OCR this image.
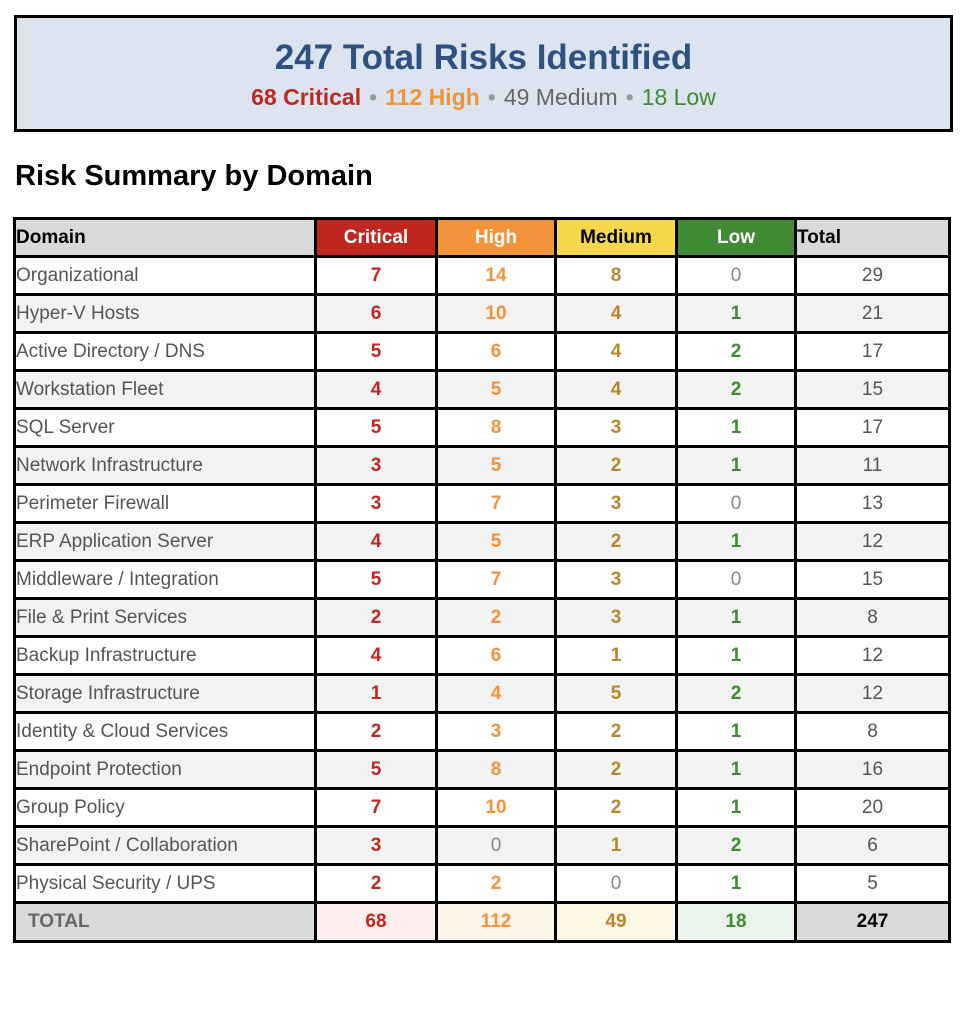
247 Total Risks Identified
68 Critical • 112 High • 49 Medium • 18 Low
Risk Summary by Domain
Domain	Critical	High	Medium	Low	Total
Organizational	7	14	8	0	29
Hyper-V Hosts	6	10	4	1	21
Active Directory / DNS	5	6	4	2	17
Workstation Fleet	4	5	4	2	15
SQL Server	5	8	3	1	17
Network Infrastructure	3	5	2	1	11
Perimeter Firewall	3	7	3	0	13
ERP Application Server	4	5	2	1	12
Middleware / Integration	5	7	3	0	15
File & Print Services	2	2	3	1	8
Backup Infrastructure	4	6	1	1	12
Storage Infrastructure	1	4	5	2	12
Identity & Cloud Services	2	3	2	1	8
Endpoint Protection	5	8	2	1	16
Group Policy	7	10	2	1	20
SharePoint / Collaboration	3	0	1	2	6
Physical Security / UPS	2	2	0	1	5
TOTAL	68	112	49	18	247
